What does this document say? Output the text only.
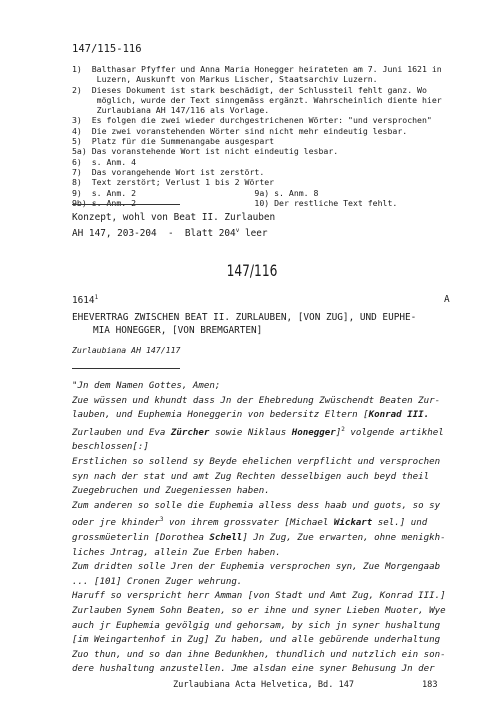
147/115-116
1)  Balthasar Pfyffer und Anna Maria Honegger heirateten am 7. Juni 1621 in
Luzern, Auskunft von Markus Lischer, Staatsarchiv Luzern.
2)  Dieses Dokument ist stark beschädigt, der Schlussteil fehlt ganz. Wo
möglich, wurde der Text sinngemäss ergänzt. Wahrscheinlich diente hier
Zurlaubiana AH 147/116 als Vorlage.
3)  Es folgen die zwei wieder durchgestrichenen Wörter: "und versprochen"
4)  Die zwei voranstehenden Wörter sind nicht mehr eindeutig lesbar.
5)  Platz für die Summenangabe ausgespart
5a) Das voranstehende Wort ist nicht eindeutig lesbar.
6)  s. Anm. 4
7)  Das vorangehende Wort ist zerstört.
8)  Text zerstört; Verlust 1 bis 2 Wörter
9)  s. Anm. 2                        9a) s. Anm. 8
9b) s. Anm. 2                        10) Der restliche Text fehlt.
Konzept, wohl von Beat II. Zurlauben
AH 147, 203-204  -  Blatt 204$^v$ leer
147/116
1614$^1$	A
EHEVERTRAG ZWISCHEN BEAT II. ZURLAUBEN, [VON ZUG], UND EUPHE-
MIA HONEGGER, [VON BREMGARTEN]
Zurlaubiana AH 147/117
"Jn dem Namen Gottes, Amen;
Zue wüssen und khundt dass Jn der Ehebredung Zwüschendt Beaten Zur-
lauben, und Euphemia Honeggerin von bedersitz Eltern [Konrad III.
Zurlauben und Eva Zürcher sowie Niklaus Honegger]$^2$ volgende artikhel
beschlossen[:]
Erstlichen so sollend sy Beyde ehelichen verpflicht und versprochen
syn nach der stat und amt Zug Rechten desselbigen auch beyd theil
Zuegebruchen und Zuegeniessen haben.
Zum anderen so solle die Euphemia alless dess haab und guots, so sy
oder jre khinder$^3$ von ihrem grossvater [Michael Wickart sel.] und
grossmüeterlin [Dorothea Schell] Jn Zug, Zue erwarten, ohne menigkh-
liches Jntrag, allein Zue Erben haben.
Zum dridten solle Jren der Euphemia versprochen syn, Zue Morgengaab
... [101] Cronen Zuger wehrung.
Haruff so verspricht herr Amman [von Stadt und Amt Zug, Konrad III.]
Zurlauben Synem Sohn Beaten, so er ihne und syner Lieben Muoter, Wye
auch jr Euphemia gevölgig und gehorsam, by sich jn syner hushaltung
[im Weingartenhof in Zug] Zu haben, und alle gebürende underhaltung
Zuo thun, und so dan ihne Bedunkhen, thundlich und nutzlich ein son-
dere hushaltung anzustellen. Jme alsdan eine syner Behusung Jn der
Zurlaubiana Acta Helvetica, Bd. 147	183
